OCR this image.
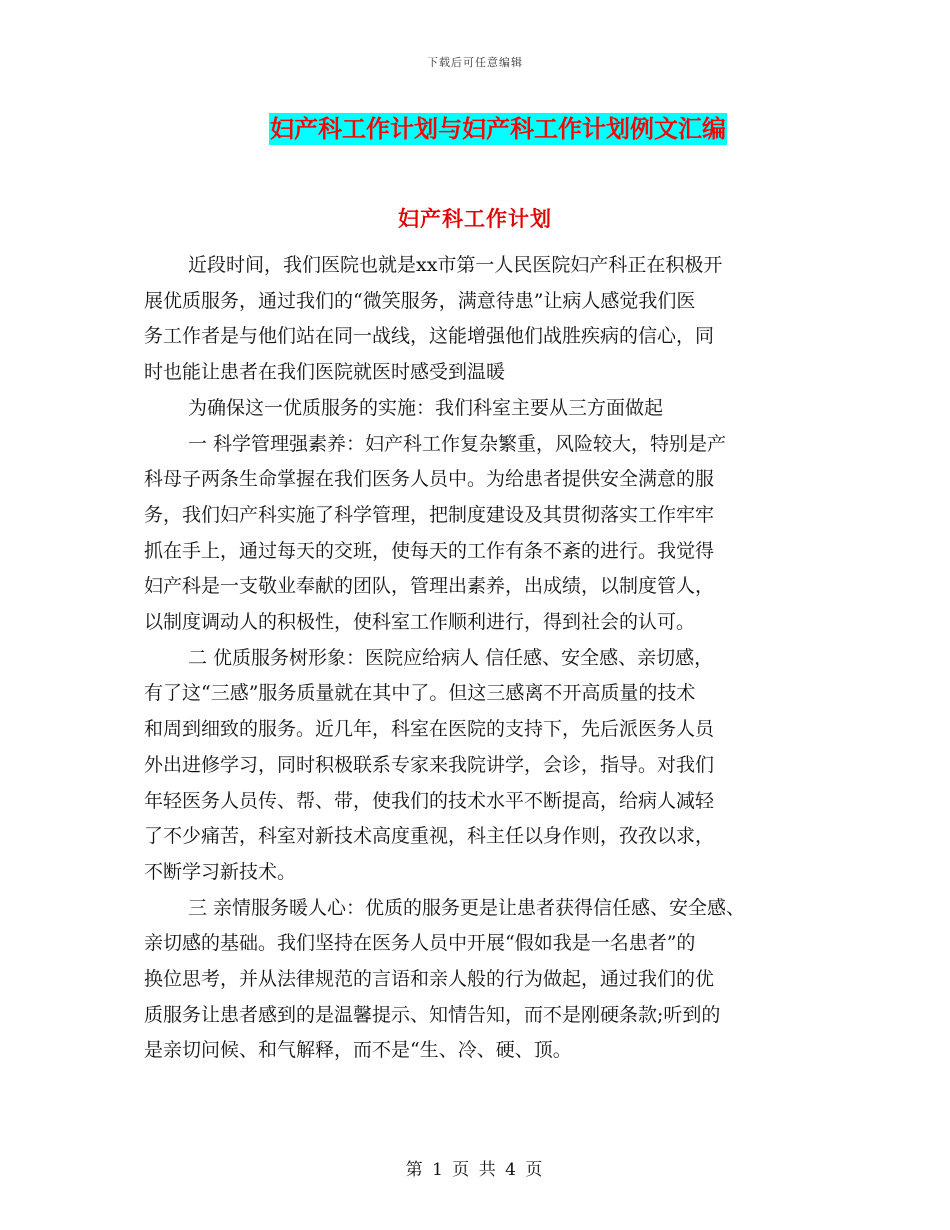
下载后可任意编辑
妇产科工作计划与妇产科工作计划例文汇编
妇产科工作计划
近段时间，我们医院也就是xx市第一人民医院妇产科正在积极开
展优质服务，通过我们的“微笑服务，满意待患”让病人感觉我们医
务工作者是与他们站在同一战线，这能增强他们战胜疾病的信心，同
时也能让患者在我们医院就医时感受到温暖
为确保这一优质服务的实施：我们科室主要从三方面做起
一 科学管理强素养：妇产科工作复杂繁重，风险较大，特别是产
科母子两条生命掌握在我们医务人员中。为给患者提供安全满意的服
务，我们妇产科实施了科学管理，把制度建设及其贯彻落实工作牢牢
抓在手上，通过每天的交班，使每天的工作有条不紊的进行。我觉得
妇产科是一支敬业奉献的团队，管理出素养，出成绩，以制度管人，
以制度调动人的积极性，使科室工作顺利进行，得到社会的认可。
二 优质服务树形象：医院应给病人 信任感、安全感、亲切感，
有了这“三感”服务质量就在其中了。但这三感离不开高质量的技术
和周到细致的服务。近几年，科室在医院的支持下，先后派医务人员
外出进修学习，同时积极联系专家来我院讲学，会诊，指导。对我们
年轻医务人员传、帮、带，使我们的技术水平不断提高，给病人减轻
了不少痛苦，科室对新技术高度重视，科主任以身作则，孜孜以求，
不断学习新技术。
三 亲情服务暖人心：优质的服务更是让患者获得信任感、安全感、
亲切感的基础。我们坚持在医务人员中开展“假如我是一名患者”的
换位思考，并从法律规范的言语和亲人般的行为做起，通过我们的优
质服务让患者感到的是温馨提示、知情告知，而不是刚硬条款;听到的
是亲切问候、和气解释，而不是“生、冷、硬、顶。
第 1 页 共 4 页
